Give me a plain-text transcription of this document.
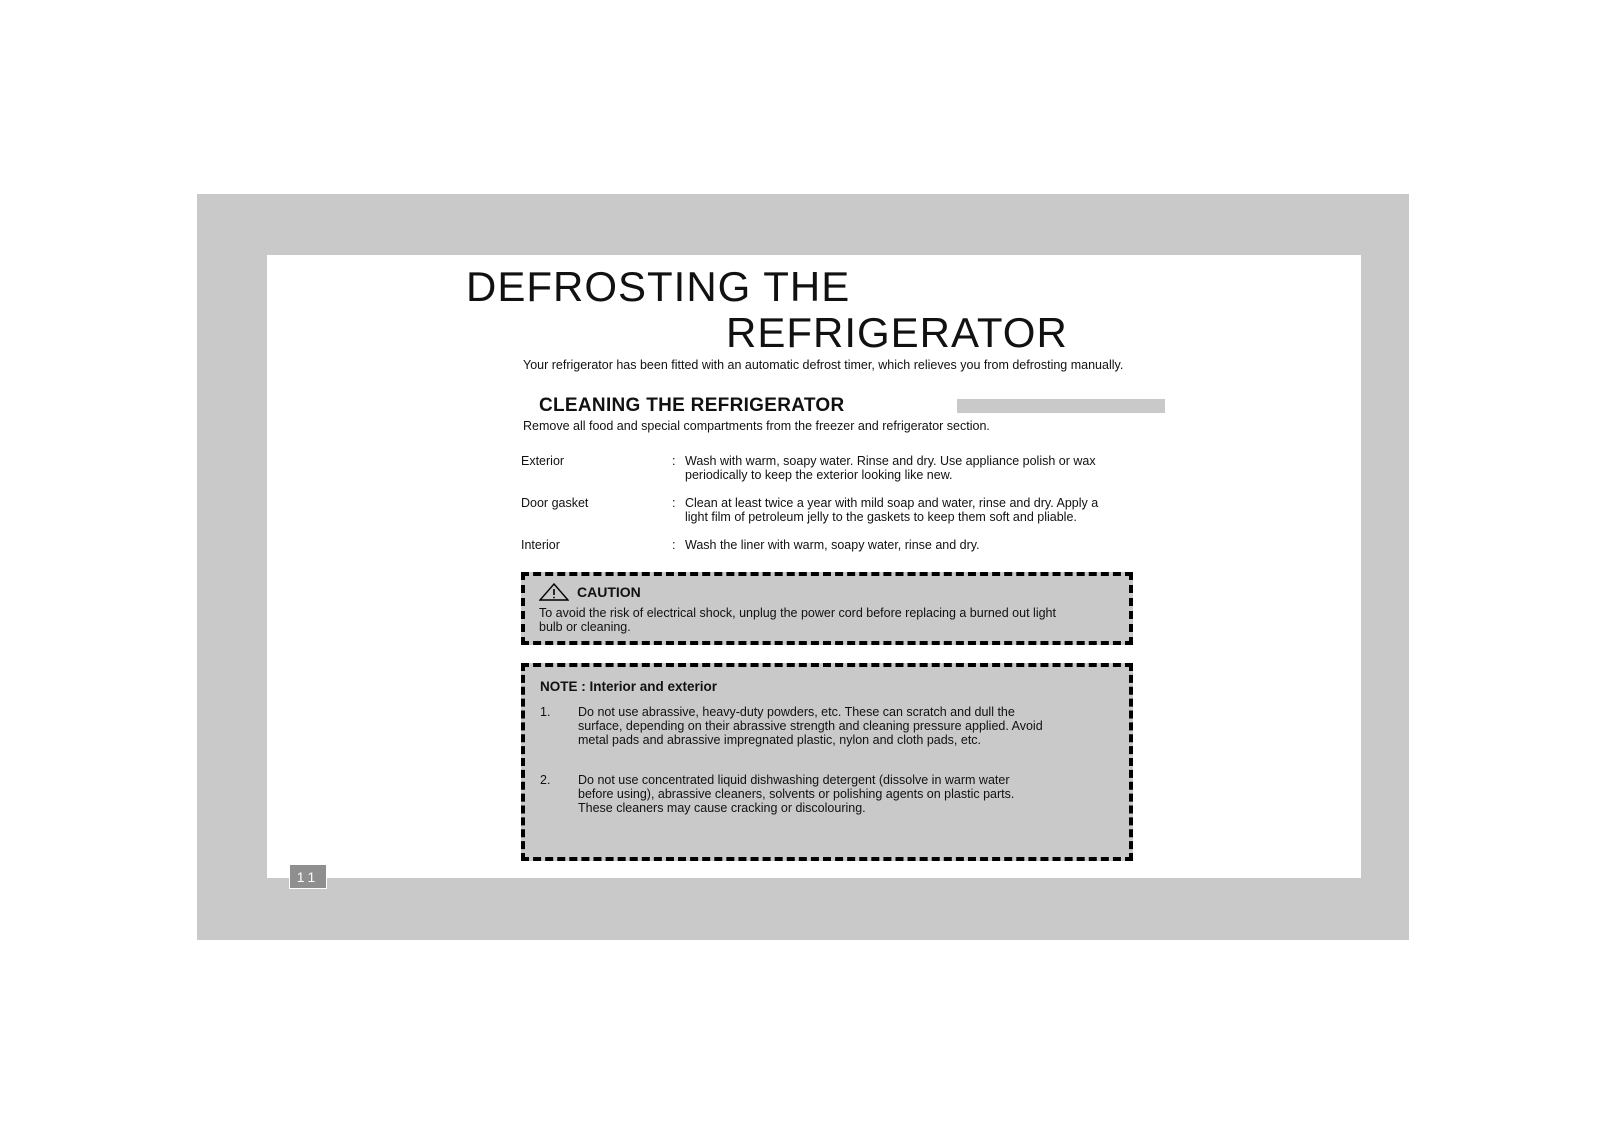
DEFROSTING THE
REFRIGERATOR
Your refrigerator has been fitted with an automatic defrost timer, which relieves you from defrosting manually.
CLEANING THE REFRIGERATOR
Remove all food and special compartments from the freezer and refrigerator section.
Exterior	: Wash with warm, soapy water. Rinse and dry. Use appliance polish or wax periodically to keep the exterior looking like new.
Door gasket	: Clean at least twice a year with mild soap and water, rinse and dry. Apply a light film of petroleum jelly to the gaskets to keep them soft and pliable.
Interior	: Wash the liner with warm, soapy water, rinse and dry.
CAUTION
To avoid the risk of electrical shock, unplug the power cord before replacing a burned out light bulb or cleaning.
NOTE : Interior and exterior
1. Do not use abrassive, heavy-duty powders, etc. These can scratch and dull the surface, depending on their abrassive strength and cleaning pressure applied. Avoid metal pads and abrassive impregnated plastic, nylon and cloth pads, etc.
2. Do not use concentrated liquid dishwashing detergent (dissolve in warm water before using), abrassive cleaners, solvents or polishing agents on plastic parts. These cleaners may cause cracking or discolouring.
11
